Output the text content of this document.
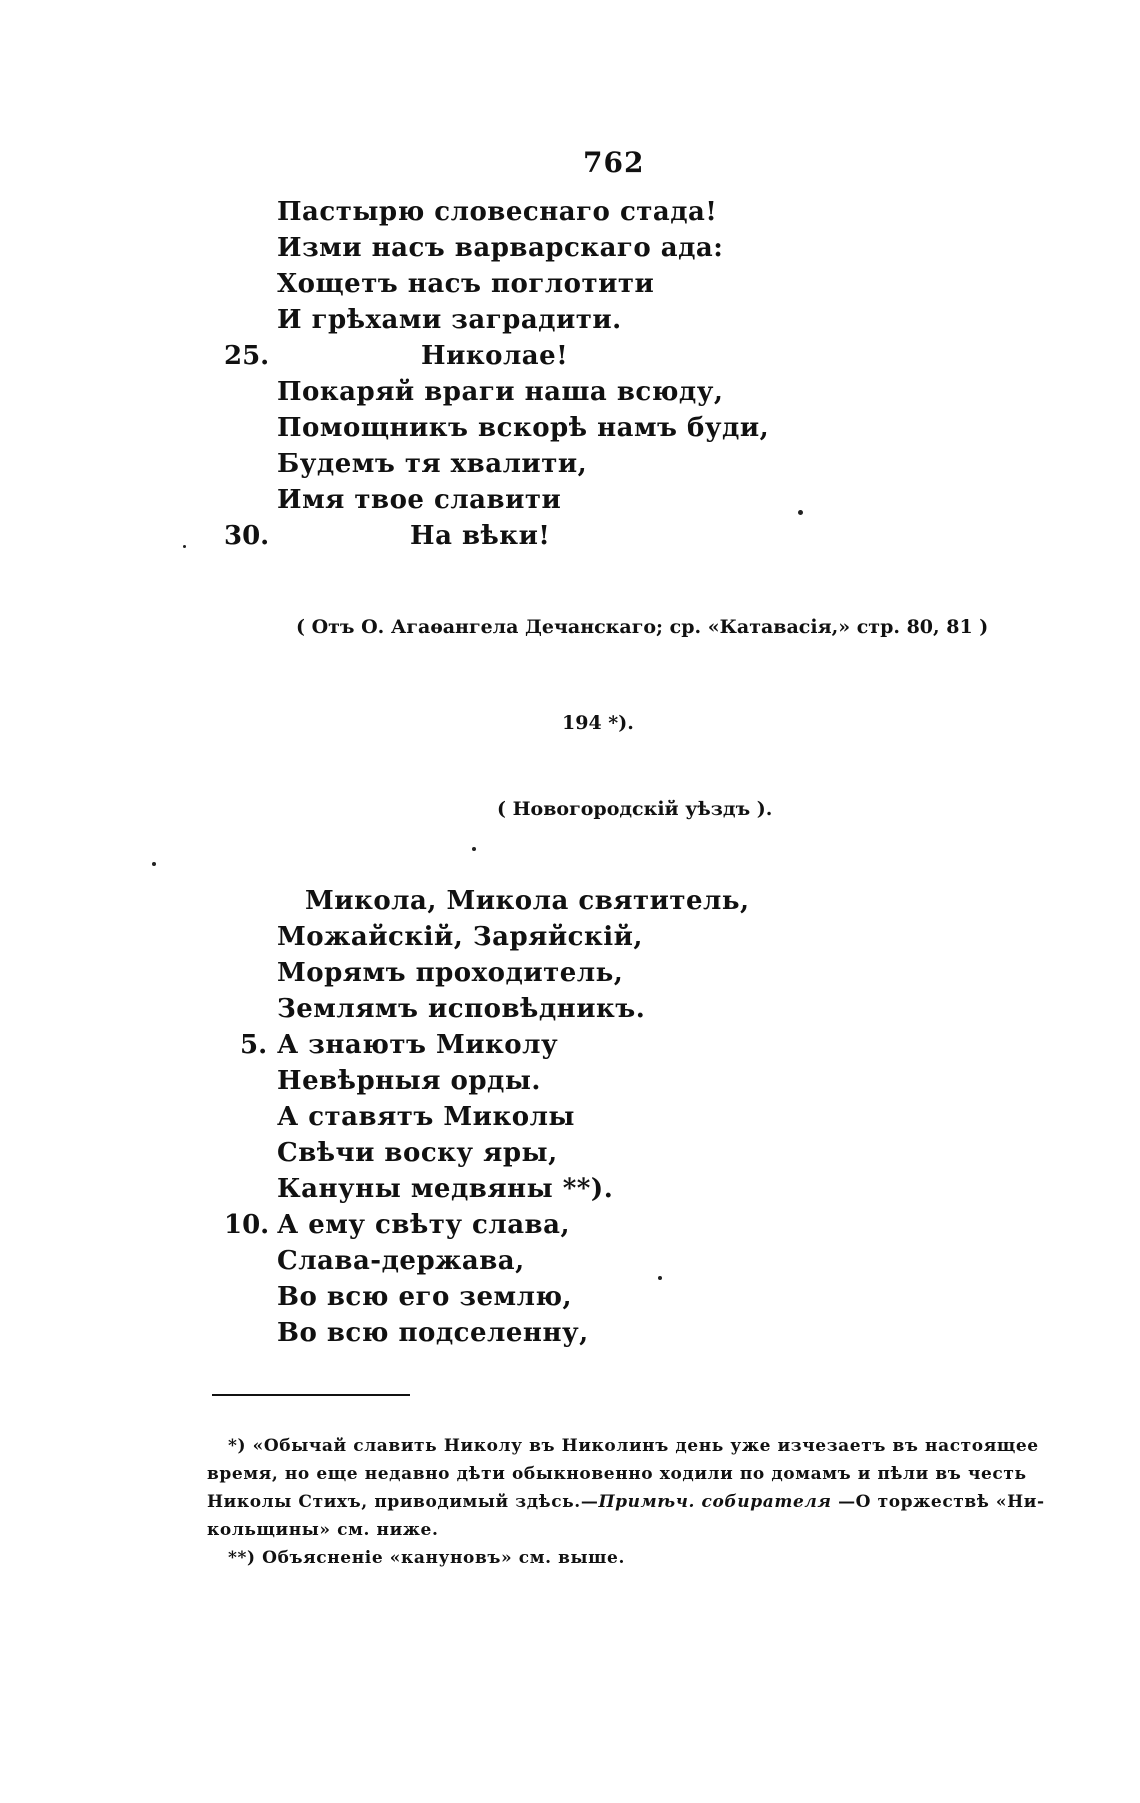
762
Пастырю словеснаго стада!
Изми насъ варварскаго ада:
Хощетъ насъ поглотити
И грѣхами заградити.
25.	Николае!
Покаряй враги наша всюду,
Помощникъ вскорѣ намъ буди,
Будемъ тя хвалити,
Имя твое славити
30.	На вѣки!
( Отъ О. Агаѳангела Дечанскаго; ср. «Катавасія,» стр. 80, 81 )
194 *).
( Новогородскій уѣздъ ).
Микола, Микола святитель,
Можайскій, Заряйскій,
Морямъ проходитель,
Землямъ исповѣдникъ.
5. А знаютъ Миколу
Невѣрныя орды.
А ставятъ Миколы
Свѣчи воску яры,
Кануны медвяны **).
10. А ему свѣту слава,
Слава-держава,
Во всю его землю,
Во всю подселенну,
*) «Обычай славить Николу въ Николинъ день уже изчезаетъ въ настоящее
время, но еще недавно дѣти обыкновенно ходили по домамъ и пѣли въ честь
Николы Стихъ, приводимый здѣсь.—Примѣч. собирателя —О торжествѣ «Ни-
кольщины» см. ниже.
**) Объясненіе «кануновъ» см. выше.
